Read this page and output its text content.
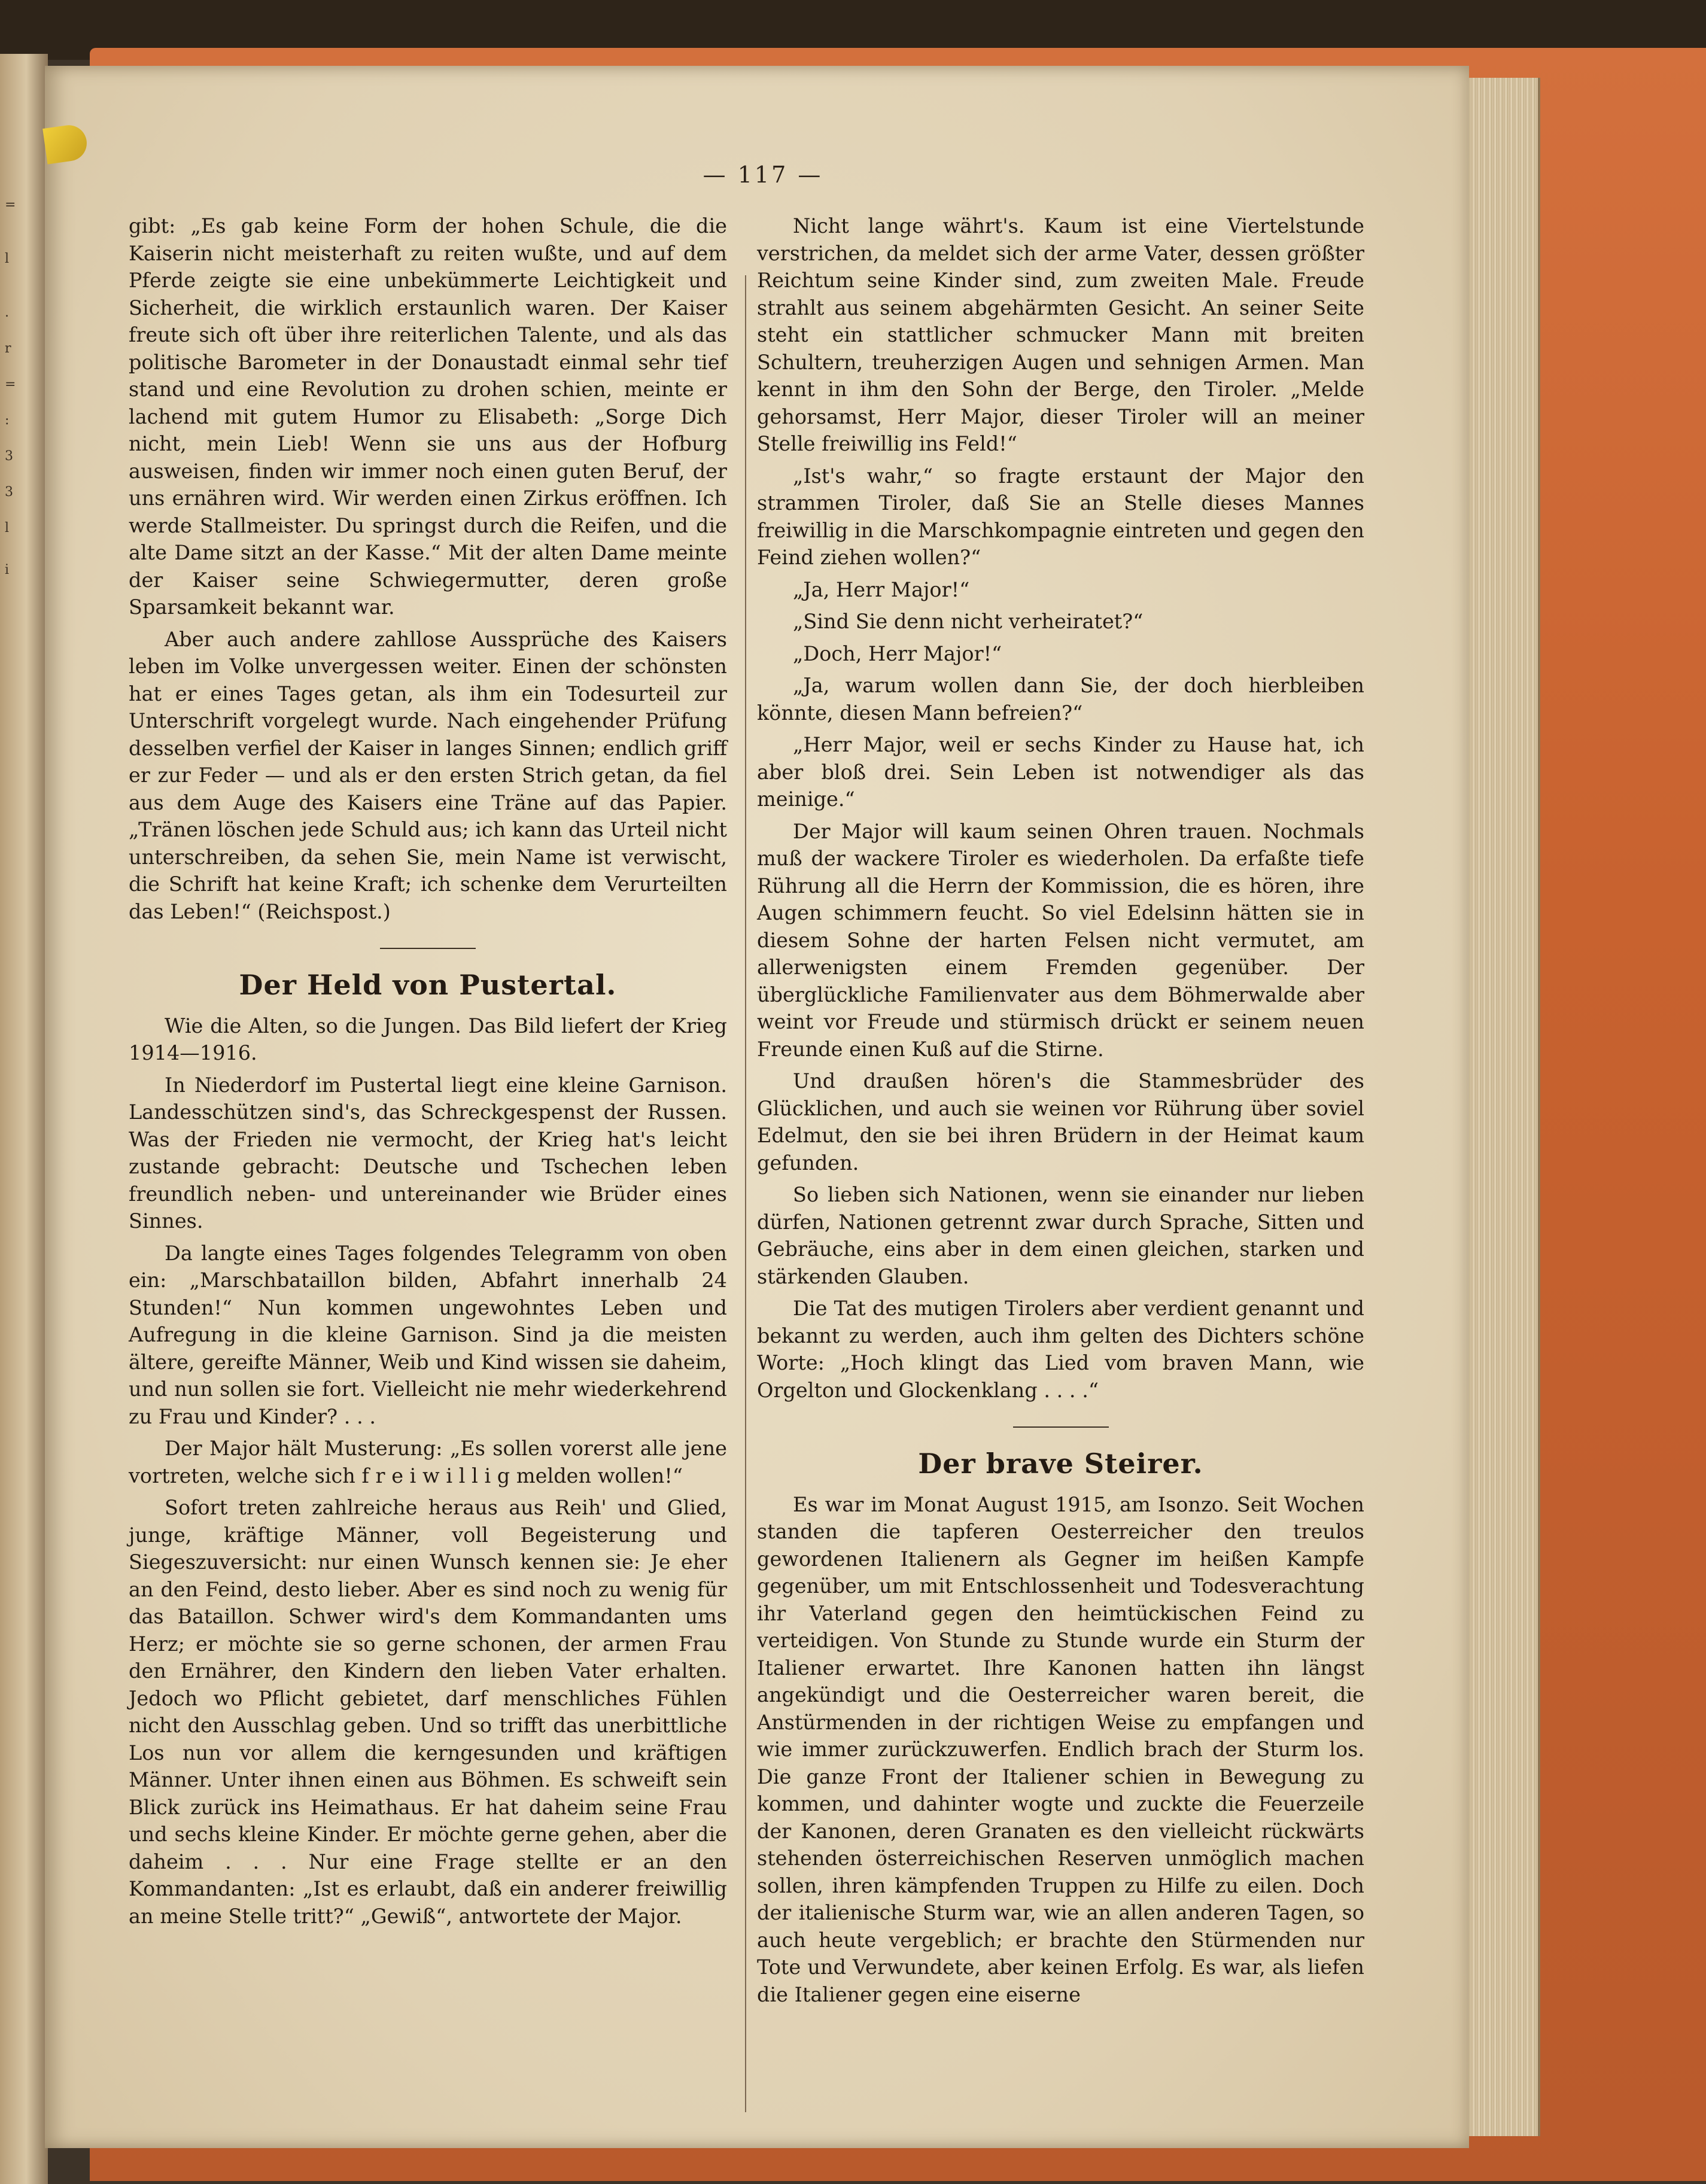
=
l
.
r
=
:
3
3
l
i
— 117 —

gibt: „Es gab keine Form der hohen Schule, die die Kaiserin nicht meisterhaft zu reiten wußte, und auf dem Pferde zeigte sie eine unbekümmerte Leichtigkeit und Sicherheit, die wirklich erstaunlich waren. Der Kaiser freute sich oft über ihre reiterlichen Talente, und als das politische Barometer in der Donaustadt einmal sehr tief stand und eine Revolution zu drohen schien, meinte er lachend mit gutem Humor zu Elisabeth: „Sorge Dich nicht, mein Lieb! Wenn sie uns aus der Hofburg ausweisen, finden wir immer noch einen guten Beruf, der uns ernähren wird. Wir werden einen Zirkus eröffnen. Ich werde Stallmeister. Du springst durch die Reifen, und die alte Dame sitzt an der Kasse.“ Mit der alten Dame meinte der Kaiser seine Schwiegermutter, deren große Sparsamkeit bekannt war.

Aber auch andere zahllose Aussprüche des Kaisers leben im Volke unvergessen weiter. Einen der schönsten hat er eines Tages getan, als ihm ein Todesurteil zur Unterschrift vorgelegt wurde. Nach eingehender Prüfung desselben verfiel der Kaiser in langes Sinnen; endlich griff er zur Feder — und als er den ersten Strich getan, da fiel aus dem Auge des Kaisers eine Träne auf das Papier. „Tränen löschen jede Schuld aus; ich kann das Urteil nicht unterschreiben, da sehen Sie, mein Name ist verwischt, die Schrift hat keine Kraft; ich schenke dem Verurteilten das Leben!“ (Reichspost.)

Der Held von Pustertal.

Wie die Alten, so die Jungen. Das Bild liefert der Krieg 1914—1916.

In Niederdorf im Pustertal liegt eine kleine Garnison. Landesschützen sind's, das Schreckgespenst der Russen. Was der Frieden nie vermocht, der Krieg hat's leicht zustande gebracht: Deutsche und Tschechen leben freundlich neben- und untereinander wie Brüder eines Sinnes.

Da langte eines Tages folgendes Telegramm von oben ein: „Marschbataillon bilden, Abfahrt innerhalb 24 Stunden!“ Nun kommen ungewohntes Leben und Aufregung in die kleine Garnison. Sind ja die meisten ältere, gereifte Männer, Weib und Kind wissen sie daheim, und nun sollen sie fort. Vielleicht nie mehr wiederkehrend zu Frau und Kinder? . . .

Der Major hält Musterung: „Es sollen vorerst alle jene vortreten, welche sich f r e i w i l l i g melden wollen!“

Sofort treten zahlreiche heraus aus Reih' und Glied, junge, kräftige Männer, voll Begeisterung und Siegeszuversicht: nur einen Wunsch kennen sie: Je eher an den Feind, desto lieber. Aber es sind noch zu wenig für das Bataillon. Schwer wird's dem Kommandanten ums Herz; er möchte sie so gerne schonen, der armen Frau den Ernährer, den Kindern den lieben Vater erhalten. Jedoch wo Pflicht gebietet, darf menschliches Fühlen nicht den Ausschlag geben. Und so trifft das unerbittliche Los nun vor allem die kerngesunden und kräftigen Männer. Unter ihnen einen aus Böhmen. Es schweift sein Blick zurück ins Heimathaus. Er hat daheim seine Frau und sechs kleine Kinder. Er möchte gerne gehen, aber die daheim . . . Nur eine Frage stellte er an den Kommandanten: „Ist es erlaubt, daß ein anderer freiwillig an meine Stelle tritt?“ „Gewiß“, antwortete der Major.

Nicht lange währt's. Kaum ist eine Viertelstunde verstrichen, da meldet sich der arme Vater, dessen größter Reichtum seine Kinder sind, zum zweiten Male. Freude strahlt aus seinem abgehärmten Gesicht. An seiner Seite steht ein stattlicher schmucker Mann mit breiten Schultern, treuherzigen Augen und sehnigen Armen. Man kennt in ihm den Sohn der Berge, den Tiroler. „Melde gehorsamst, Herr Major, dieser Tiroler will an meiner Stelle freiwillig ins Feld!“

„Ist's wahr,“ so fragte erstaunt der Major den strammen Tiroler, daß Sie an Stelle dieses Mannes freiwillig in die Marschkompagnie eintreten und gegen den Feind ziehen wollen?“

„Ja, Herr Major!“

„Sind Sie denn nicht verheiratet?“

„Doch, Herr Major!“

„Ja, warum wollen dann Sie, der doch hierbleiben könnte, diesen Mann befreien?“

„Herr Major, weil er sechs Kinder zu Hause hat, ich aber bloß drei. Sein Leben ist notwendiger als das meinige.“

Der Major will kaum seinen Ohren trauen. Nochmals muß der wackere Tiroler es wiederholen. Da erfaßte tiefe Rührung all die Herrn der Kommission, die es hören, ihre Augen schimmern feucht. So viel Edelsinn hätten sie in diesem Sohne der harten Felsen nicht vermutet, am allerwenigsten einem Fremden gegenüber. Der überglückliche Familienvater aus dem Böhmerwalde aber weint vor Freude und stürmisch drückt er seinem neuen Freunde einen Kuß auf die Stirne.

Und draußen hören's die Stammesbrüder des Glücklichen, und auch sie weinen vor Rührung über soviel Edelmut, den sie bei ihren Brüdern in der Heimat kaum gefunden.

So lieben sich Nationen, wenn sie einander nur lieben dürfen, Nationen getrennt zwar durch Sprache, Sitten und Gebräuche, eins aber in dem einen gleichen, starken und stärkenden Glauben.

Die Tat des mutigen Tirolers aber verdient genannt und bekannt zu werden, auch ihm gelten des Dichters schöne Worte: „Hoch klingt das Lied vom braven Mann, wie Orgelton und Glockenklang . . . .“

Der brave Steirer.

Es war im Monat August 1915, am Isonzo. Seit Wochen standen die tapferen Oesterreicher den treulos gewordenen Italienern als Gegner im heißen Kampfe gegenüber, um mit Entschlossenheit und Todesverachtung ihr Vaterland gegen den heimtückischen Feind zu verteidigen. Von Stunde zu Stunde wurde ein Sturm der Italiener erwartet. Ihre Kanonen hatten ihn längst angekündigt und die Oesterreicher waren bereit, die Anstürmenden in der richtigen Weise zu empfangen und wie immer zurückzuwerfen. Endlich brach der Sturm los. Die ganze Front der Italiener schien in Bewegung zu kommen, und dahinter wogte und zuckte die Feuerzeile der Kanonen, deren Granaten es den vielleicht rückwärts stehenden österreichischen Reserven unmöglich machen sollen, ihren kämpfenden Truppen zu Hilfe zu eilen. Doch der italienische Sturm war, wie an allen anderen Tagen, so auch heute vergeblich; er brachte den Stürmenden nur Tote und Verwundete, aber keinen Erfolg. Es war, als liefen die Italiener gegen eine eiserne
